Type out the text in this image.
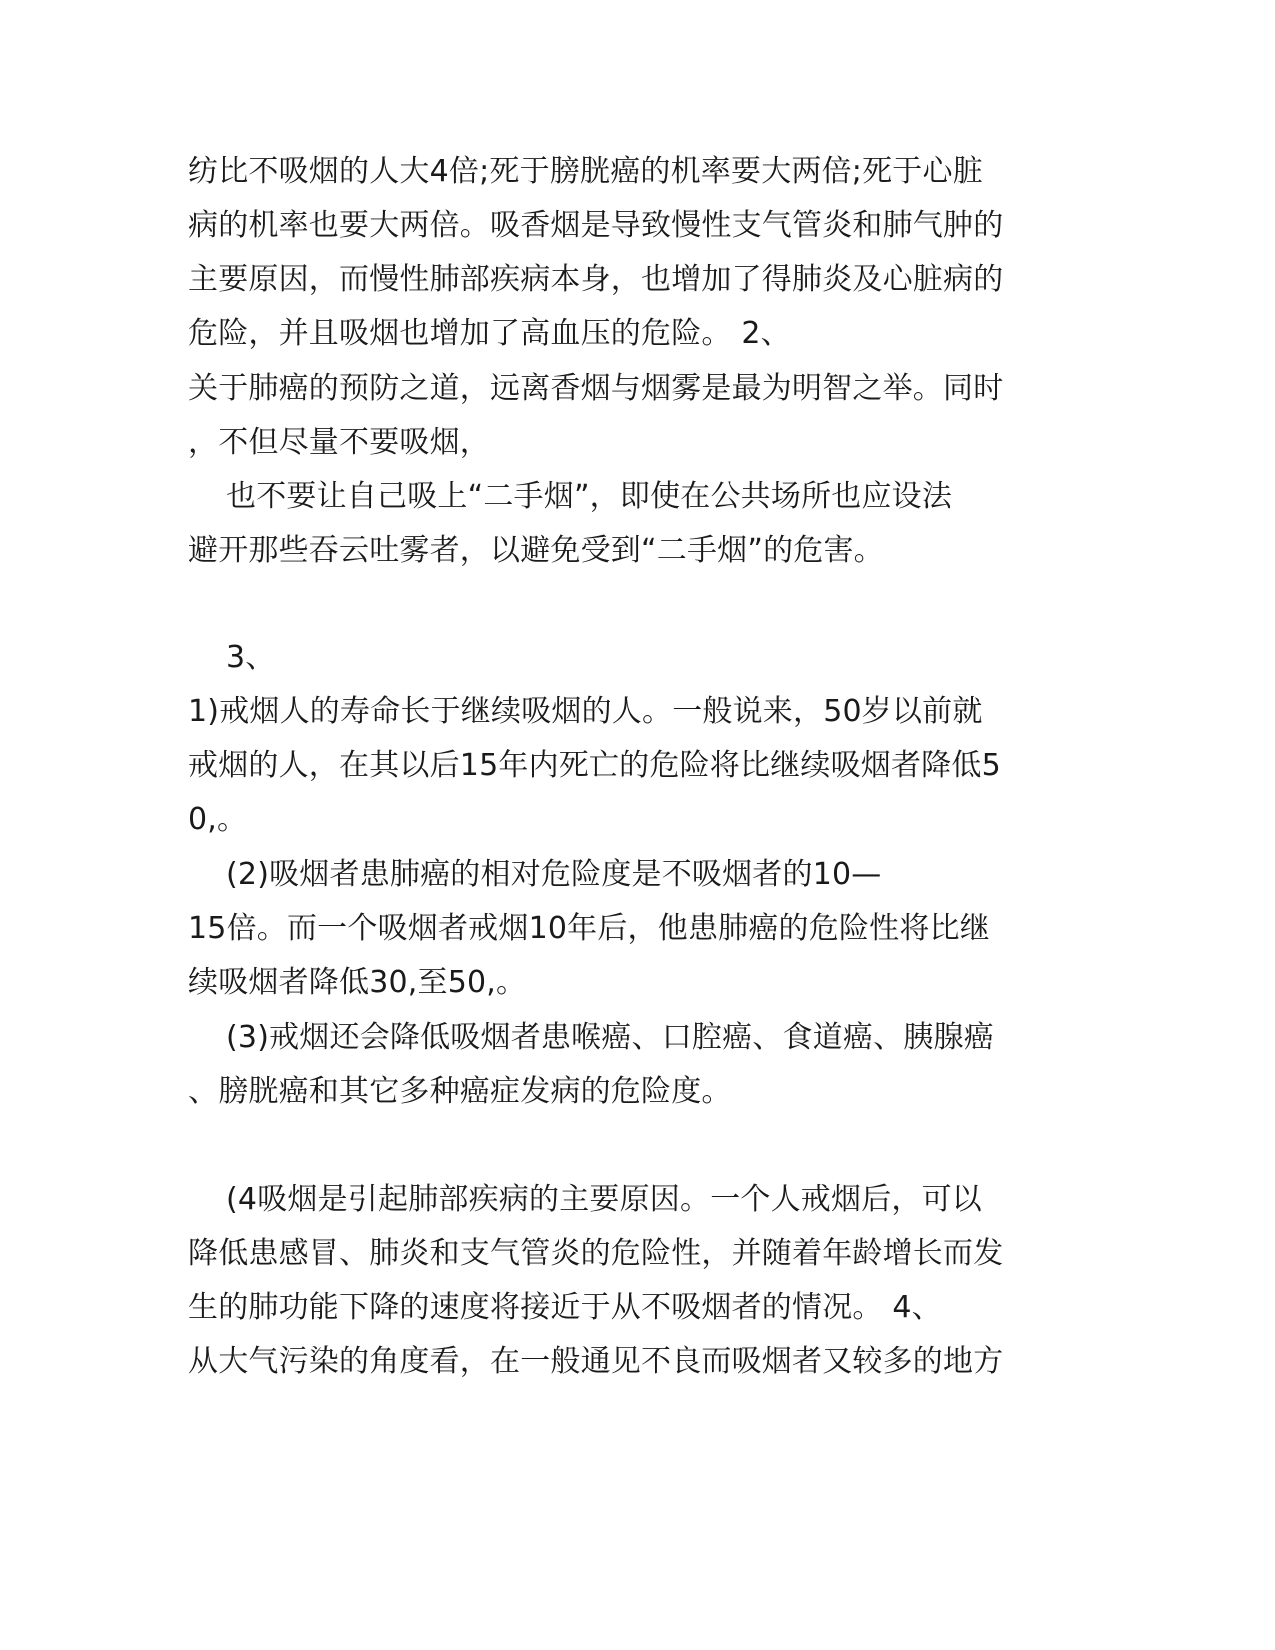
纺比不吸烟的人大4倍;死于膀胱癌的机率要大两倍;死于心脏

病的机率也要大两倍。吸香烟是导致慢性支气管炎和肺气肿的

主要原因，而慢性肺部疾病本身，也增加了得肺炎及心脏病的

危险，并且吸烟也增加了高血压的危险。 2、

关于肺癌的预防之道，远离香烟与烟雾是最为明智之举。同时

，不但尽量不要吸烟，

也不要让自己吸上“二手烟”，即使在公共场所也应设法

避开那些吞云吐雾者，以避免受到“二手烟”的危害。

3、

1)戒烟人的寿命长于继续吸烟的人。一般说来，50岁以前就

戒烟的人，在其以后15年内死亡的危险将比继续吸烟者降低5

0,。

(2)吸烟者患肺癌的相对危险度是不吸烟者的10—

15倍。而一个吸烟者戒烟10年后，他患肺癌的危险性将比继

续吸烟者降低30,至50,。

(3)戒烟还会降低吸烟者患喉癌、口腔癌、食道癌、胰腺癌

、膀胱癌和其它多种癌症发病的危险度。

(4吸烟是引起肺部疾病的主要原因。一个人戒烟后，可以

降低患感冒、肺炎和支气管炎的危险性，并随着年龄增长而发

生的肺功能下降的速度将接近于从不吸烟者的情况。 4、

从大气污染的角度看，在一般通见不良而吸烟者又较多的地方
